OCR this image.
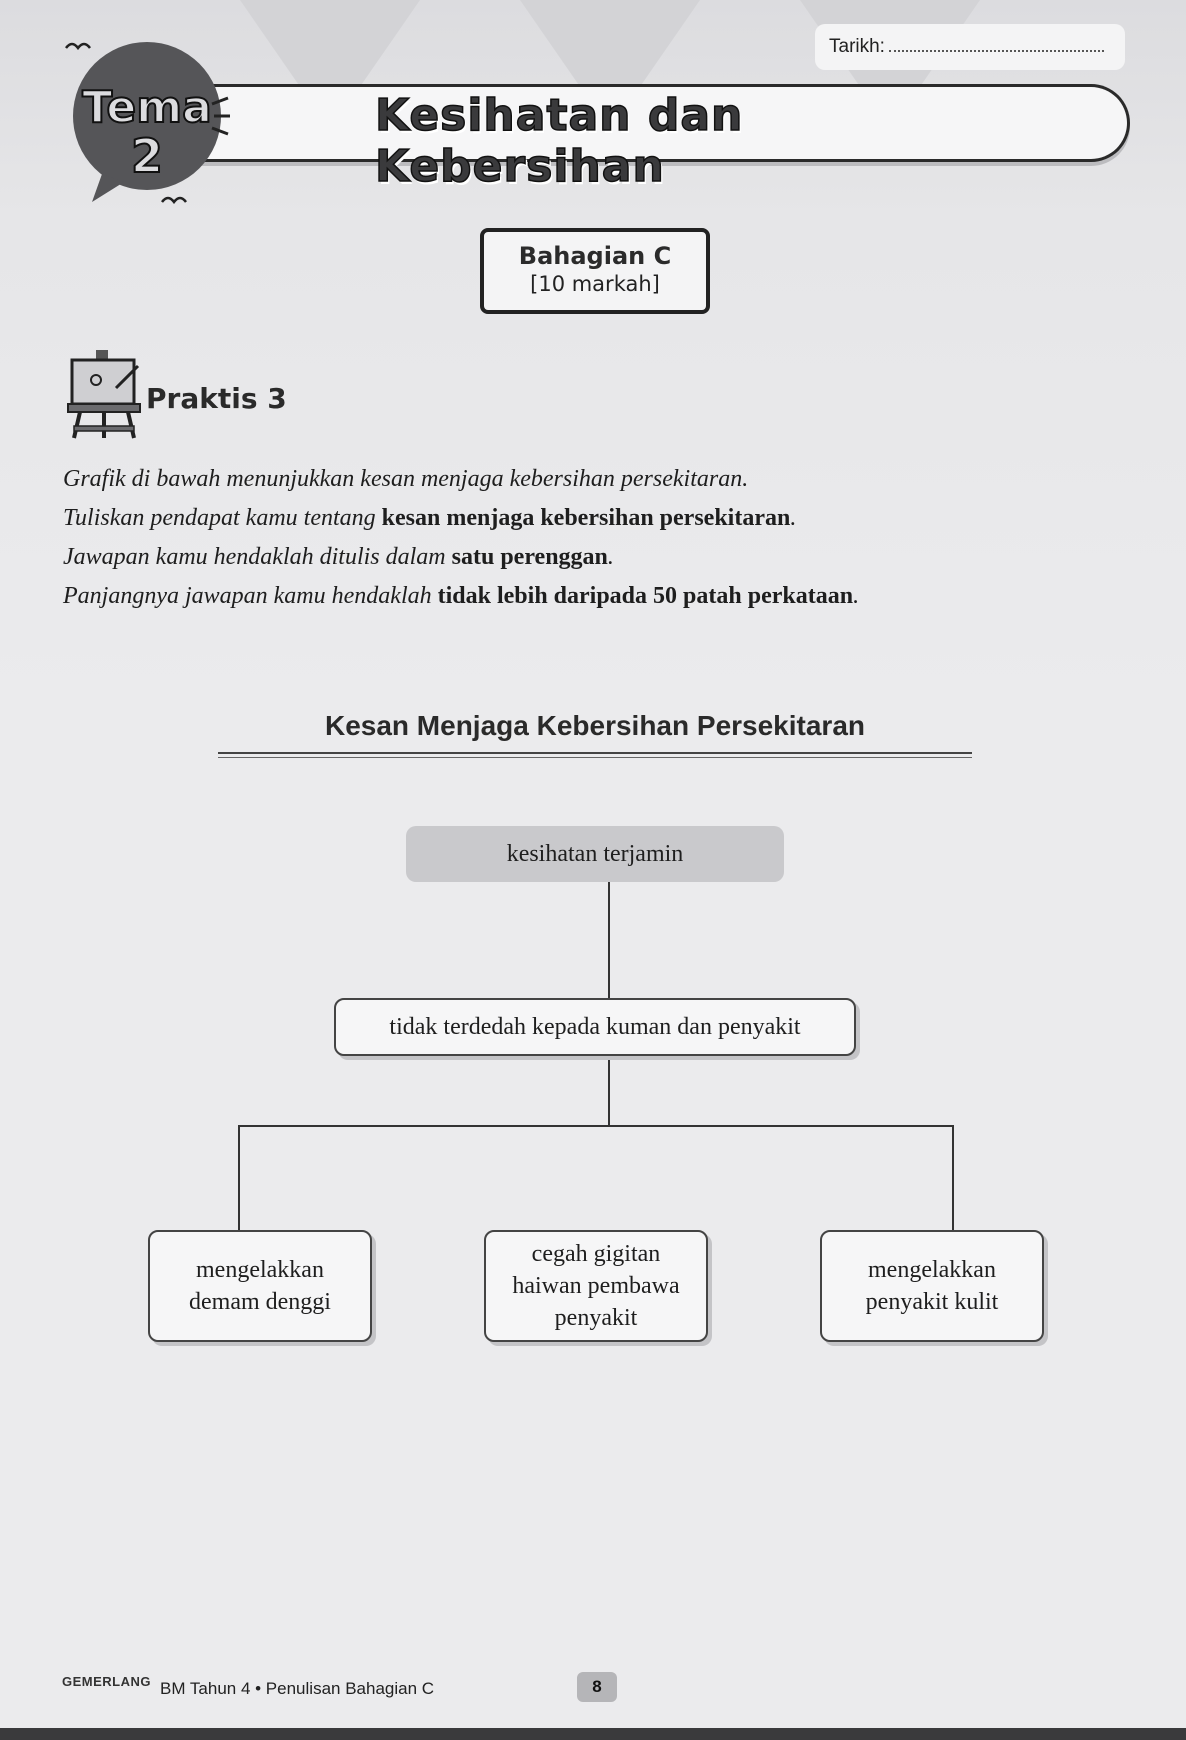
Tarikh:
Kesihatan dan Kebersihan
Tema
2
Bahagian C
[10 markah]
Praktis 3

Grafik di bawah menunjukkan kesan menjaga kebersihan persekitaran.

Tuliskan pendapat kamu tentang kesan menjaga kebersihan persekitaran.

Jawapan kamu hendaklah ditulis dalam satu perenggan.

Panjangnya jawapan kamu hendaklah tidak lebih daripada 50 patah perkataan.

Kesan Menjaga Kebersihan Persekitaran
kesihatan terjamin
tidak terdedah kepada kuman dan penyakit
mengelakkan
demam denggi
cegah gigitan
haiwan pembawa
penyakit
mengelakkan
penyakit kulit
GEMERLANG BM Tahun 4 • Penulisan Bahagian C	8
